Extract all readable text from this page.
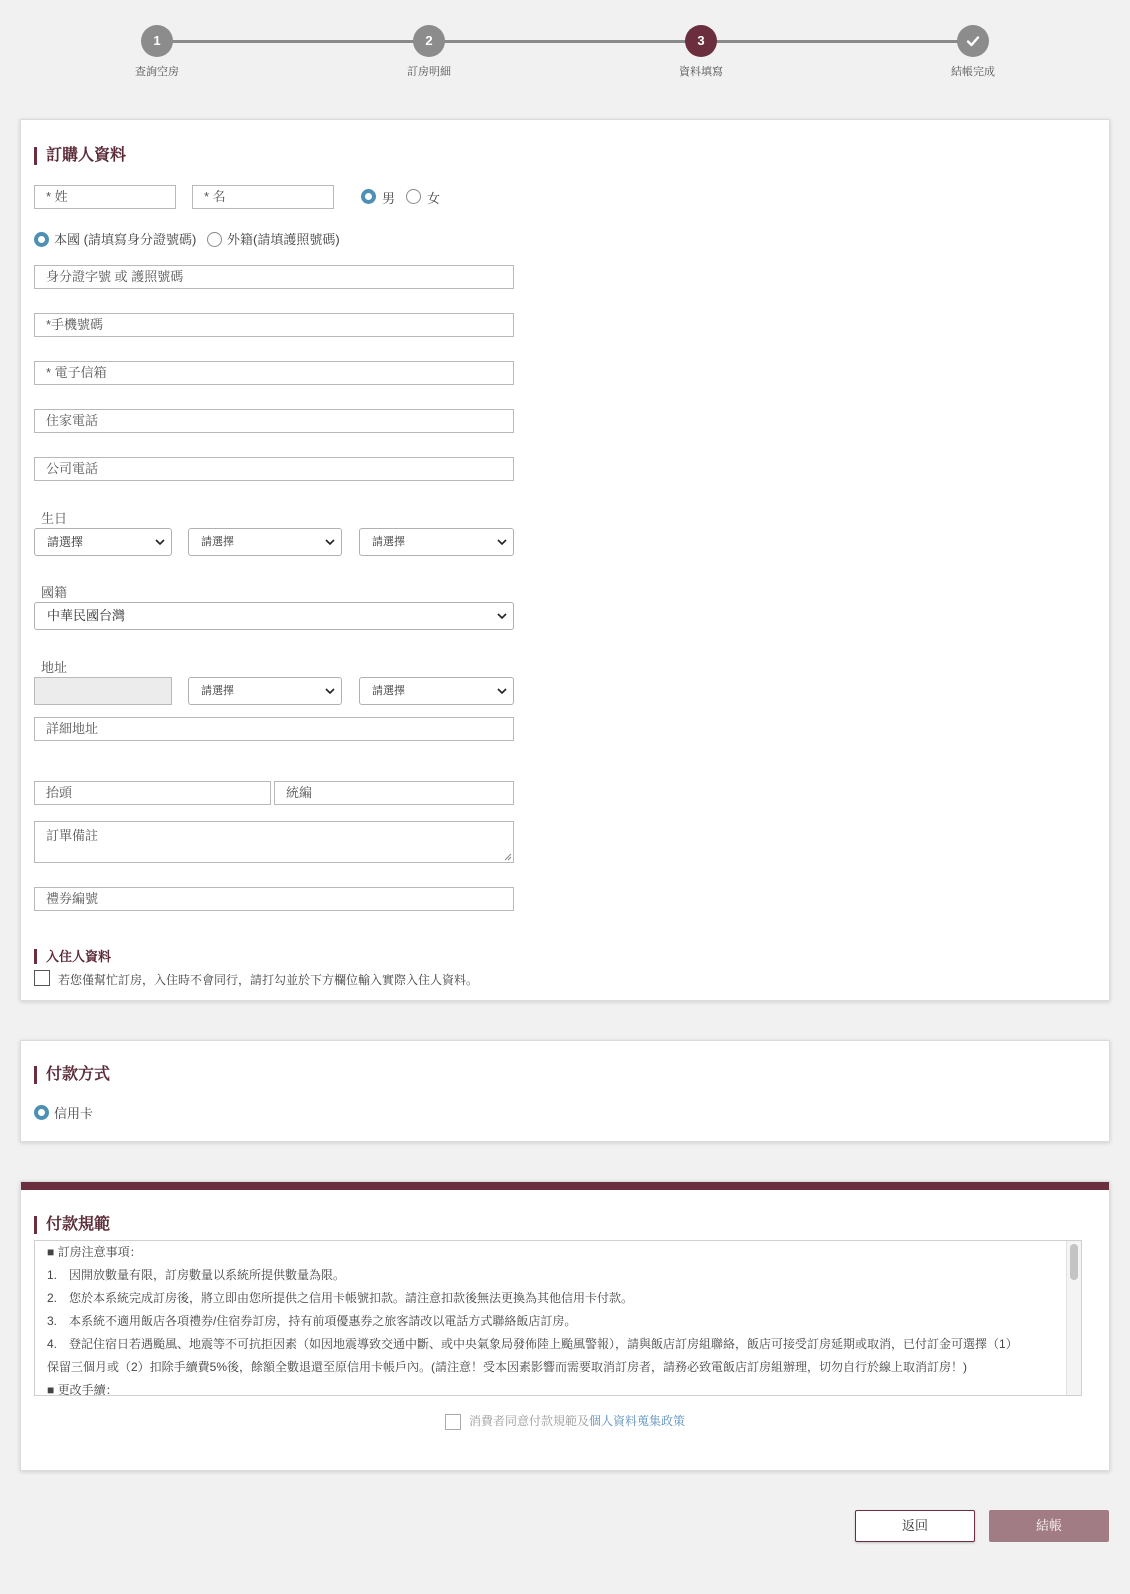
1
查詢空房
2
訂房明細
3
資料填寫	結帳完成
訂購人資料
* 姓	* 名	男 女
本國 (請填寫身分證號碼) 外籍(請填護照號碼)
身分證字號 或 護照號碼
*手機號碼
* 電子信箱
住家電話
公司電話
生日
請選擇	請選擇	請選擇
國籍
中華民國台灣
地址
請選擇	請選擇
詳細地址
抬頭	統編
訂單備註
禮券編號
入住人資料
若您僅幫忙訂房，入住時不會同行，請打勾並於下方欄位輸入實際入住人資料。
付款方式
信用卡
付款規範

■ 訂房注意事項：

1.　因開放數量有限，訂房數量以系統所提供數量為限。

2.　您於本系統完成訂房後，將立即由您所提供之信用卡帳號扣款。請注意扣款後無法更換為其他信用卡付款。

3.　本系統不適用飯店各項禮券/住宿券訂房，持有前項優惠券之旅客請改以電話方式聯絡飯店訂房。

4.　登記住宿日若遇颱風、地震等不可抗拒因素（如因地震導致交通中斷、或中央氣象局發佈陸上颱風警報），請與飯店訂房組聯絡，飯店可接受訂房延期或取消，已付訂金可選擇（1）

保留三個月或（2）扣除手續費5%後，餘額全數退還至原信用卡帳戶內。(請注意！受本因素影響而需要取消訂房者，請務必致電飯店訂房組辦理，切勿自行於線上取消訂房！)

■ 更改手續：

消費者同意付款規範及個人資料蒐集政策
返回	結帳
